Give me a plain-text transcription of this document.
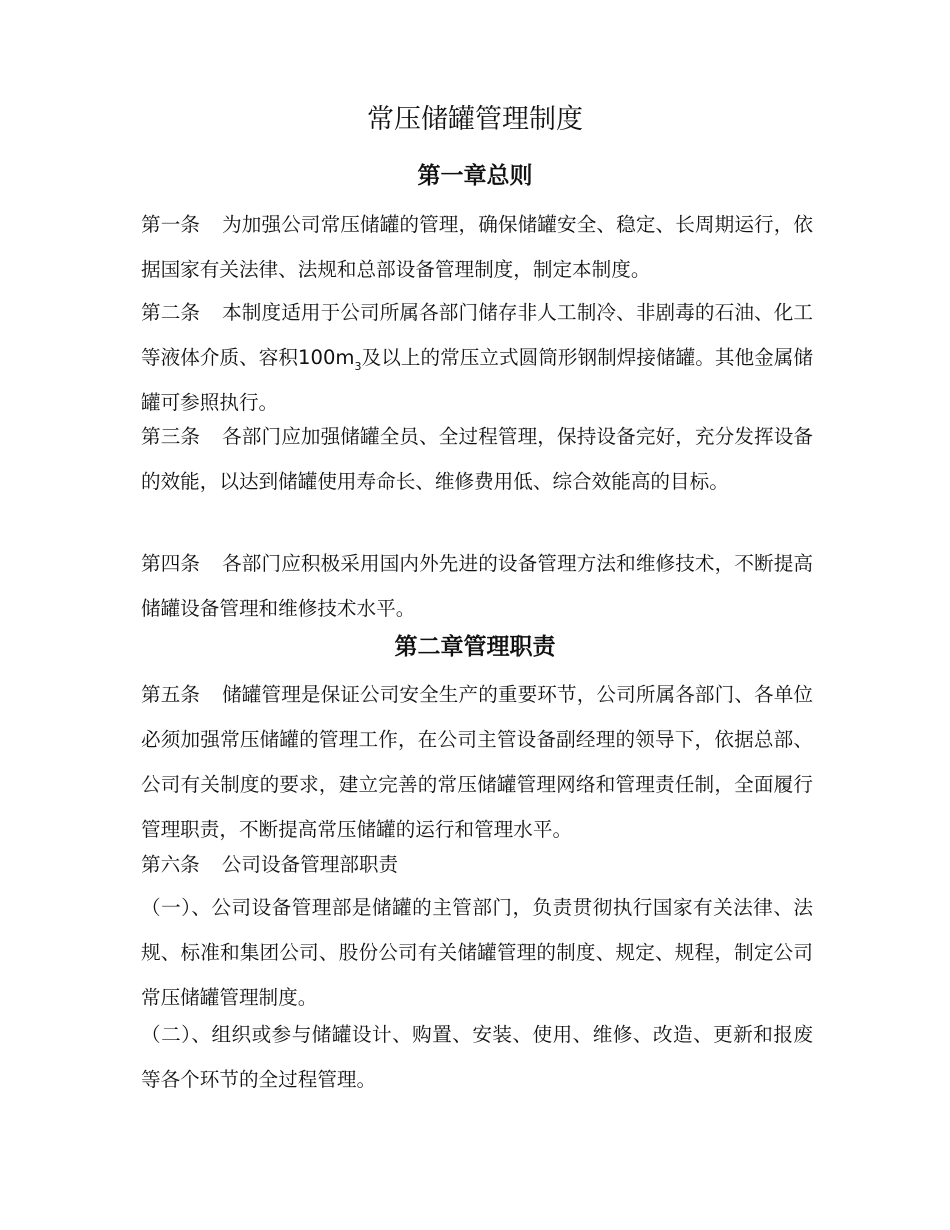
常压储罐管理制度
第一章总则

第一条 为加强公司常压储罐的管理，确保储罐安全、稳定、长周期运行，依据国家有关法律、法规和总部设备管理制度，制定本制度。

第二条 本制度适用于公司所属各部门储存非人工制冷、非剧毒的石油、化工等液体介质、容积$100m_3$及以上的常压立式圆筒形钢制焊接储罐。其他金属储罐可参照执行。

第三条 各部门应加强储罐全员、全过程管理，保持设备完好，充分发挥设备的效能，以达到储罐使用寿命长、维修费用低、综合效能高的目标。

第四条 各部门应积极采用国内外先进的设备管理方法和维修技术，不断提高储罐设备管理和维修技术水平。

第二章管理职责

第五条 储罐管理是保证公司安全生产的重要环节，公司所属各部门、各单位必须加强常压储罐的管理工作，在公司主管设备副经理的领导下，依据总部、公司有关制度的要求，建立完善的常压储罐管理网络和管理责任制，全面履行管理职责，不断提高常压储罐的运行和管理水平。

第六条 公司设备管理部职责

（一）、公司设备管理部是储罐的主管部门，负责贯彻执行国家有关法律、法规、标准和集团公司、股份公司有关储罐管理的制度、规定、规程，制定公司常压储罐管理制度。

（二）、组织或参与储罐设计、购置、安装、使用、维修、改造、更新和报废等各个环节的全过程管理。
